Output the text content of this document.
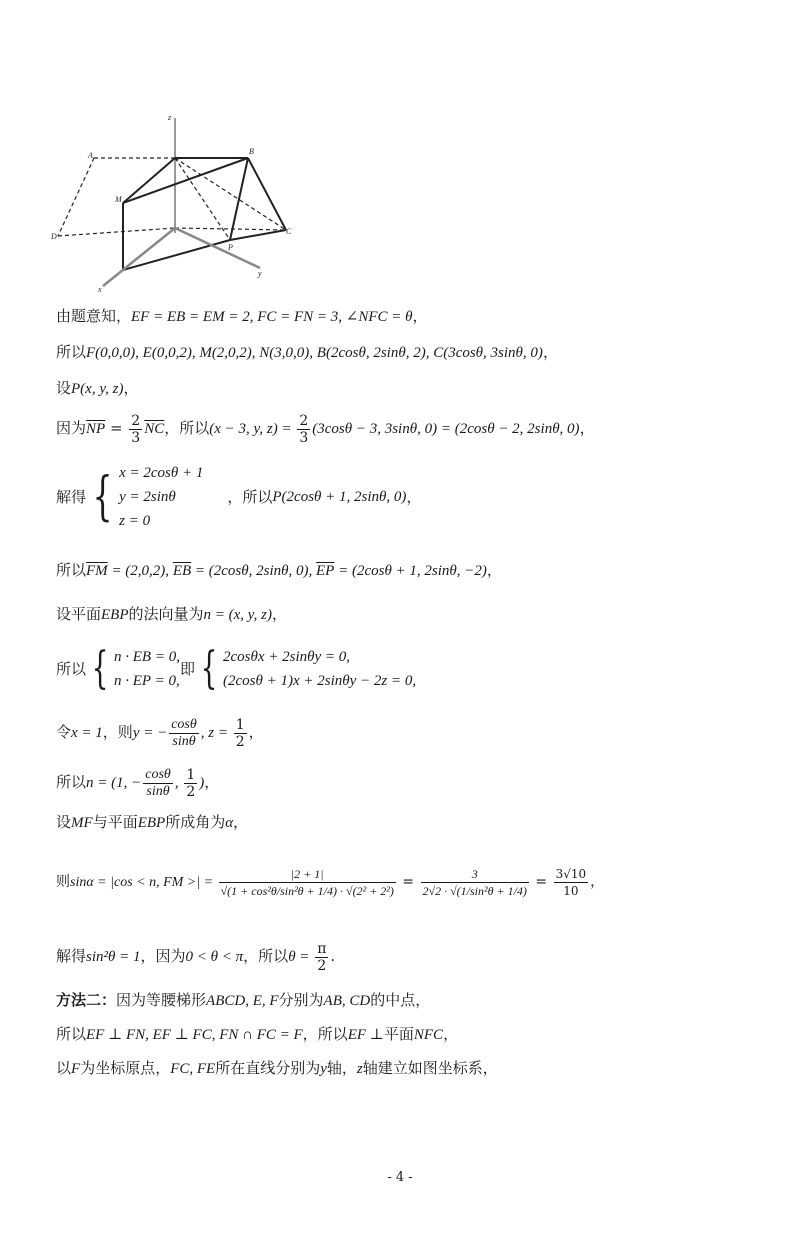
z
A	B
M
D
C
P
x
y
由题意知，EF = EB = EM = 2, FC = FN = 3, ∠NFC = θ，
所以F(0,0,0), E(0,0,2), M(2,0,2), N(3,0,0), B(2cosθ, 2sinθ, 2), C(3cosθ, 3sinθ, 0)，
设P(x, y, z)，
因为$\overline{NP} = \frac{2}{3} \overline{NC}$，所以(x − 3, y, $z) = \frac{2}{3} (3\cos\theta - 3$, 3sinθ, 0) = (2cosθ − 2, 2sinθ, 0)，
解得 { x = 2cosθ + 1
y = 2sinθ
z = 0
，所以P(2cosθ + 1, 2sinθ, 0)，
所以$\overline{FM} = (2,0,2)$, $\overline{EB} = (2\cos\theta$, 2sinθ, 0), $\overline{EP} = (2\cos\theta + 1$, 2sinθ, −2)，
设平面EBP的法向量为n = (x, y, z)，
所以 { n · EB = 0,
n · EP = 0,
即 { 2cosθx + 2sinθy = 0,
(2cosθ + 1)x + 2sinθy − 2z = 0,
令x = 1，则y = − $\frac{\cos\theta}{\sin\theta}$ , $z = \frac{1}{2}$ ，
所以n = (1, − $\frac{\cos\theta}{\sin\theta}$ , $\frac{1}{2}$ )，
设MF与平面EBP所成角为α，
则sinα = |cos < n, FM >| = $\frac{|2 + 1|}{\text{√(1 + cos²θ/sin²θ + 1/4) · √(2² + 2²)}} = \frac{3}{\text{2√2 · √(1/sin²θ + 1/4)}} = \frac{3√10}{10}$ ，
解得sin²θ = 1，因为0 < θ < π，所以$\theta = \frac{\pi}{2}$ .
方法二：因为等腰梯形ABCD, E, F分别为AB, CD的中点，
所以EF ⊥ FN, EF ⊥ FC, FN ∩ FC = F，所以EF ⊥平面NFC，
以F为坐标原点，FC, FE所在直线分别为y轴，z轴建立如图坐标系，
- 4 -
